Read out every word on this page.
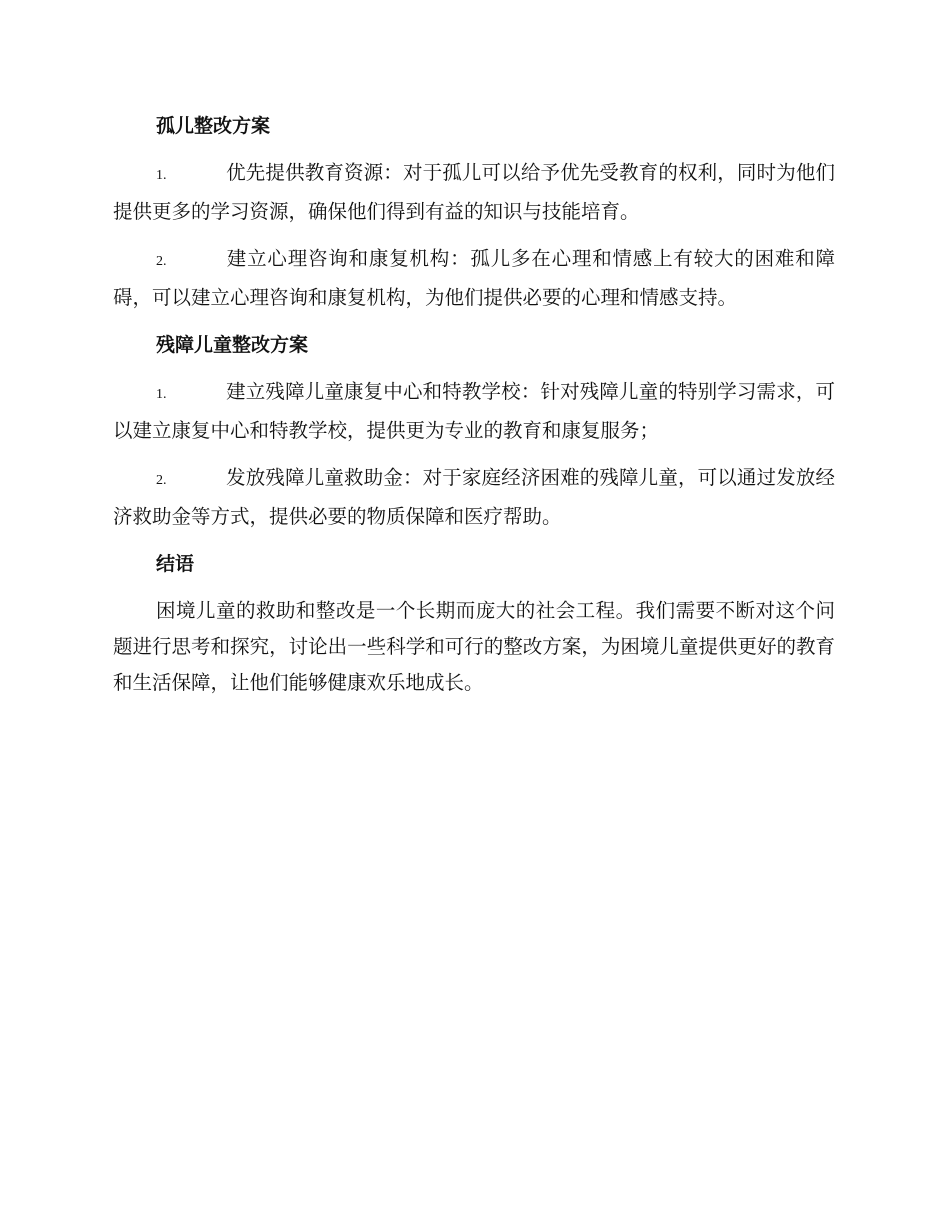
孤儿整改方案

1.	优先提供教育资源：对于孤儿可以给予优先受教育的权利，同时为他们提供更多的学习资源，确保他们得到有益的知识与技能培育。

2.	建立心理咨询和康复机构：孤儿多在心理和情感上有较大的困难和障碍，可以建立心理咨询和康复机构，为他们提供必要的心理和情感支持。

残障儿童整改方案

1.	建立残障儿童康复中心和特教学校：针对残障儿童的特别学习需求，可以建立康复中心和特教学校，提供更为专业的教育和康复服务；

2.	发放残障儿童救助金：对于家庭经济困难的残障儿童，可以通过发放经济救助金等方式，提供必要的物质保障和医疗帮助。

结语

困境儿童的救助和整改是一个长期而庞大的社会工程。我们需要不断对这个问题进行思考和探究，讨论出一些科学和可行的整改方案，为困境儿童提供更好的教育和生活保障，让他们能够健康欢乐地成长。
